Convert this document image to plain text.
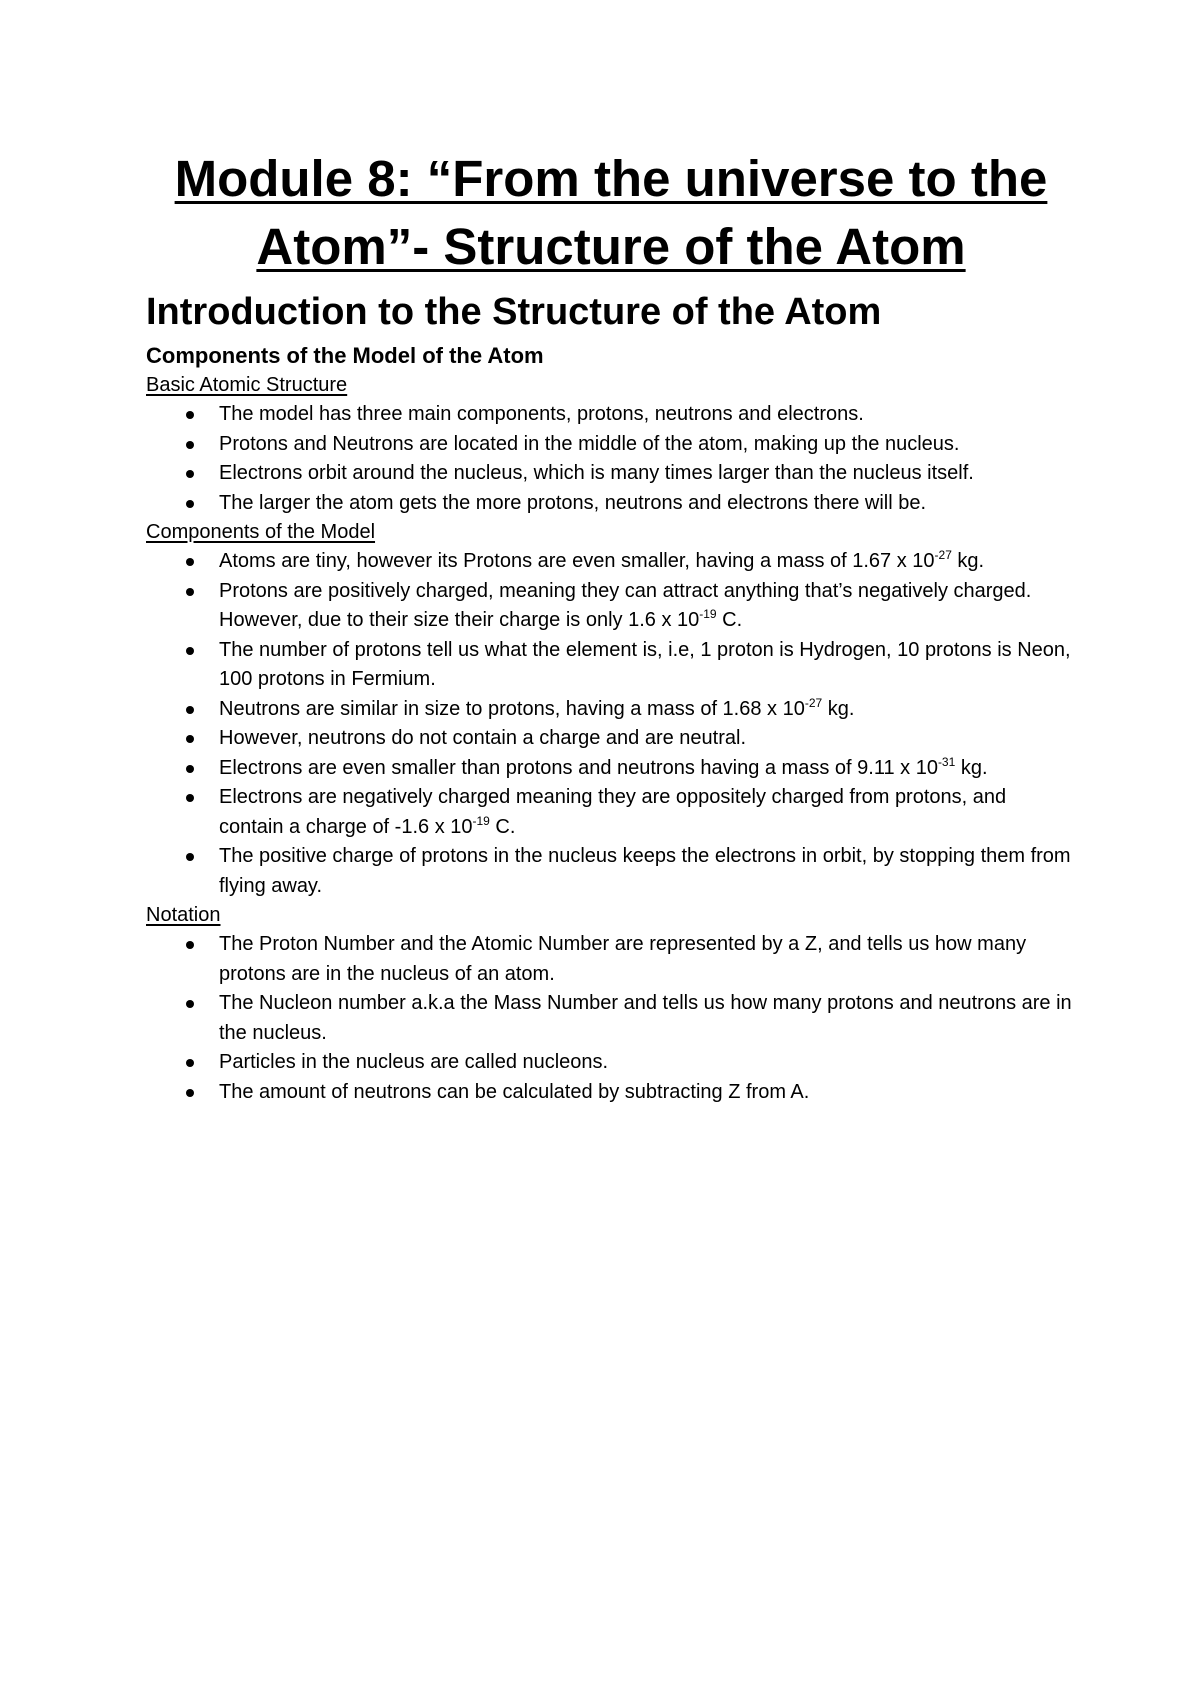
Module 8: “From the universe to the
Atom”- Structure of the Atom
Introduction to the Structure of the Atom
Components of the Model of the Atom
Basic Atomic Structure
The model has three main components, protons, neutrons and electrons.
Protons and Neutrons are located in the middle of the atom, making up the nucleus.
Electrons orbit around the nucleus, which is many times larger than the nucleus itself.
The larger the atom gets the more protons, neutrons and electrons there will be.
Components of the Model
Atoms are tiny, however its Protons are even smaller, having a mass of 1.67 x $10^{-27}$ kg.
Protons are positively charged, meaning they can attract anything that’s negatively charged. However, due to their size their charge is only 1.6 x $10^{-19}$ C.
The number of protons tell us what the element is, i.e, 1 proton is Hydrogen, 10 protons is Neon, 100 protons in Fermium.
Neutrons are similar in size to protons, having a mass of 1.68 x $10^{-27}$ kg.
However, neutrons do not contain a charge and are neutral.
Electrons are even smaller than protons and neutrons having a mass of 9.11 x $10^{-31}$ kg.
Electrons are negatively charged meaning they are oppositely charged from protons, and contain a charge of -1.6 x $10^{-19}$ C.
The positive charge of protons in the nucleus keeps the electrons in orbit, by stopping them from flying away.
Notation
The Proton Number and the Atomic Number are represented by a Z, and tells us how many protons are in the nucleus of an atom.
The Nucleon number a.k.a the Mass Number and tells us how many protons and neutrons are in the nucleus.
Particles in the nucleus are called nucleons.
The amount of neutrons can be calculated by subtracting Z from A.
